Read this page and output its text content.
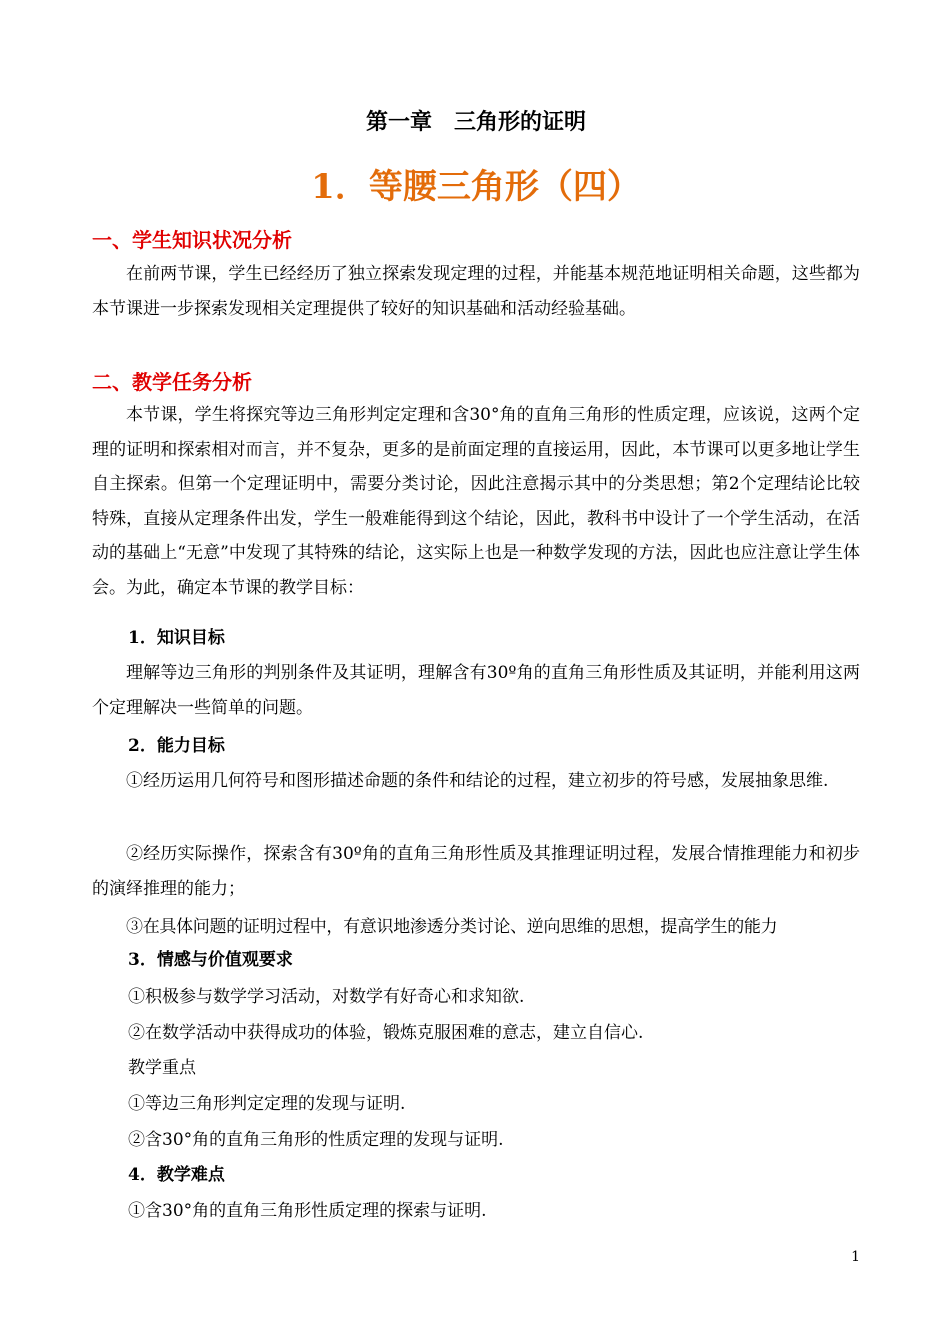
第一章　三角形的证明
1．等腰三角形（四）
一、学生知识状况分析

在前两节课，学生已经经历了独立探索发现定理的过程，并能基本规范地证明相关命题，这些都为本节课进一步探索发现相关定理提供了较好的知识基础和活动经验基础。

二、教学任务分析

本节课，学生将探究等边三角形判定定理和含30°角的直角三角形的性质定理，应该说，这两个定理的证明和探索相对而言，并不复杂，更多的是前面定理的直接运用，因此，本节课可以更多地让学生自主探索。但第一个定理证明中，需要分类讨论，因此注意揭示其中的分类思想；第2个定理结论比较特殊，直接从定理条件出发，学生一般难能得到这个结论，因此，教科书中设计了一个学生活动，在活动的基础上“无意”中发现了其特殊的结论，这实际上也是一种数学发现的方法，因此也应注意让学生体会。为此，确定本节课的教学目标：

1．知识目标

理解等边三角形的判别条件及其证明，理解含有30º角的直角三角形性质及其证明，并能利用这两个定理解决一些简单的问题。

2．能力目标

①经历运用几何符号和图形描述命题的条件和结论的过程，建立初步的符号感，发展抽象思维.

②经历实际操作，探索含有30º角的直角三角形性质及其推理证明过程，发展合情推理能力和初步的演绎推理的能力；

③在具体问题的证明过程中，有意识地渗透分类讨论、逆向思维的思想，提高学生的能力

3．情感与价值观要求
①积极参与数学学习活动，对数学有好奇心和求知欲.
②在数学活动中获得成功的体验，锻炼克服困难的意志，建立自信心.
教学重点
①等边三角形判定定理的发现与证明.
②含30°角的直角三角形的性质定理的发现与证明.
4．教学难点
①含30°角的直角三角形性质定理的探索与证明.
1
